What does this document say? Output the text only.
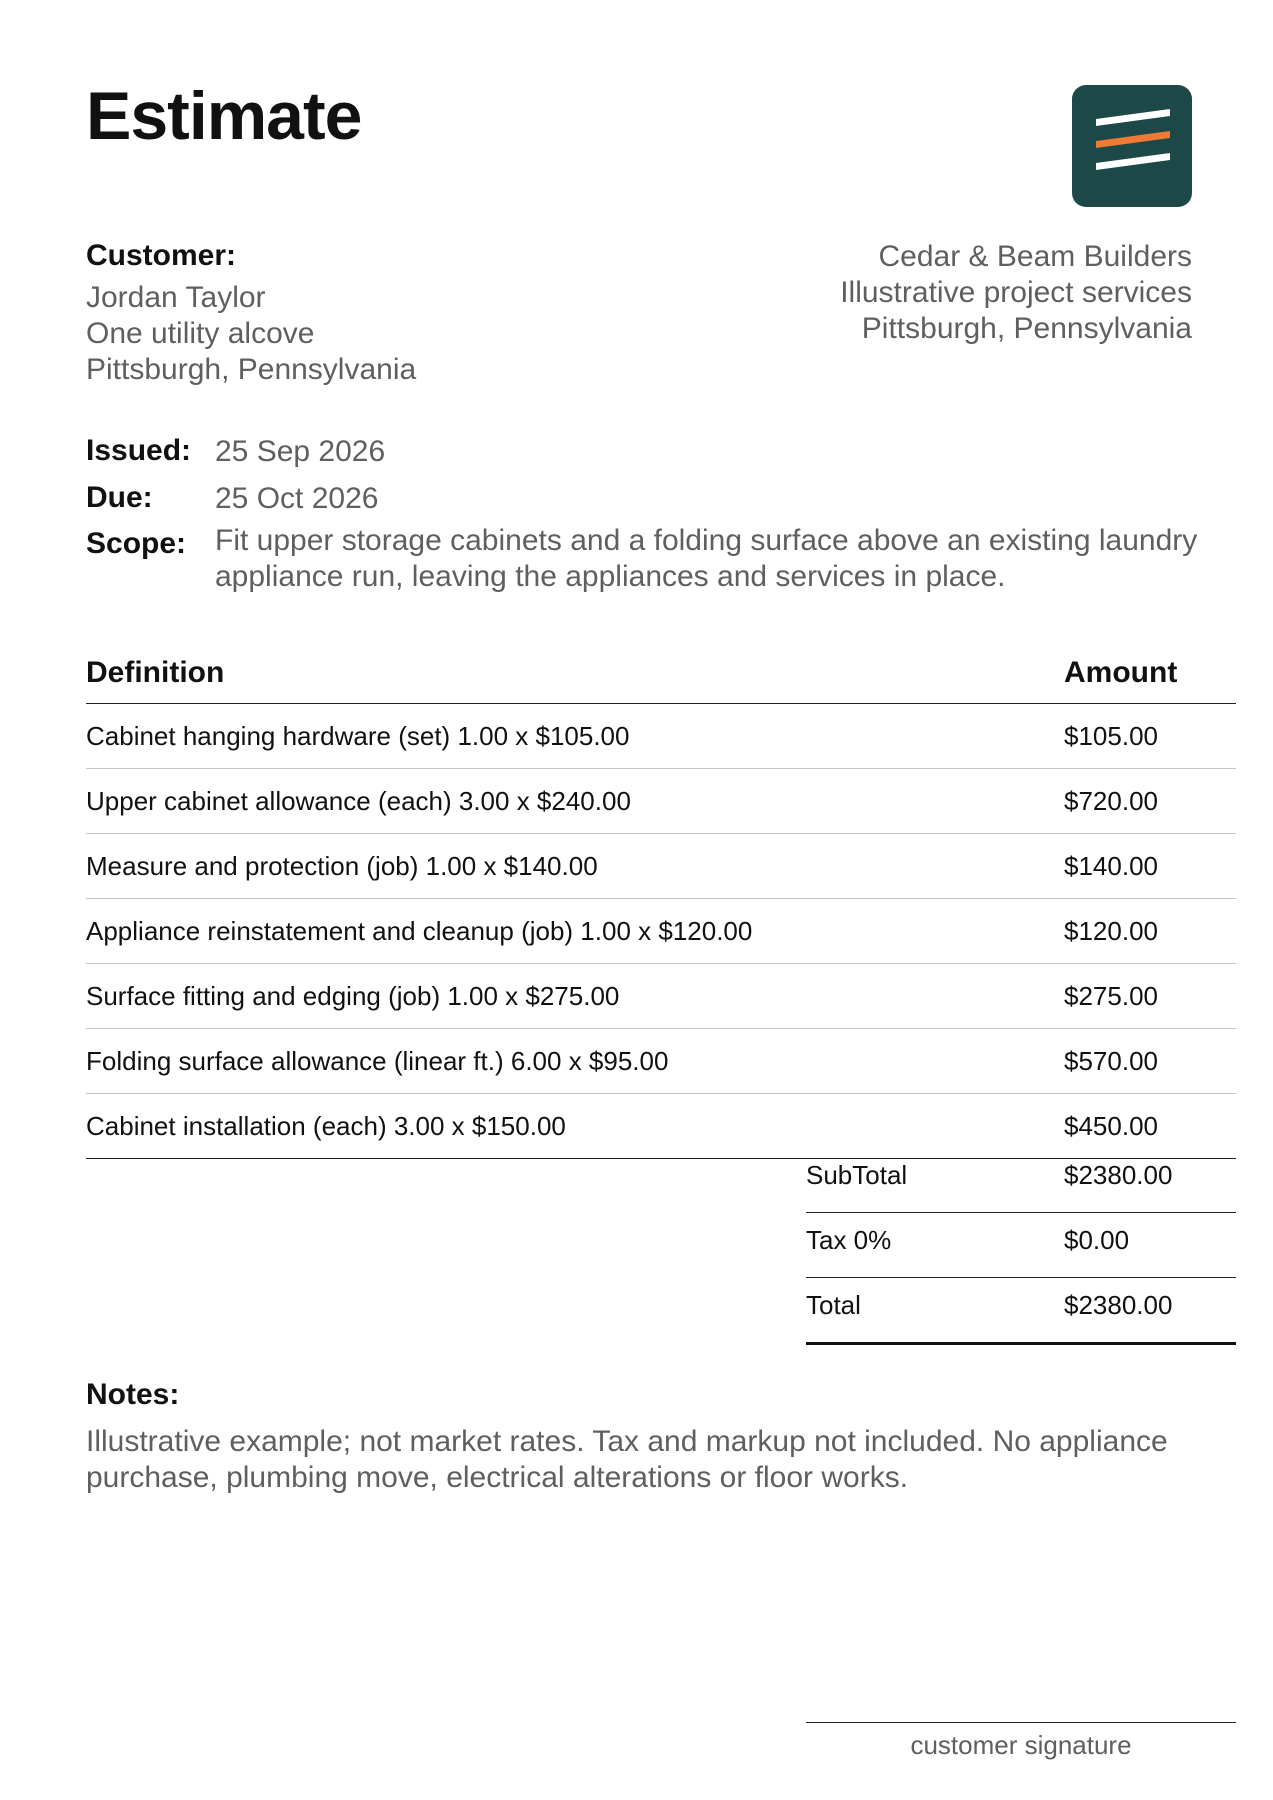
Estimate
Customer:
Jordan Taylor
One utility alcove
Pittsburgh, Pennsylvania
Cedar & Beam Builders
Illustrative project services
Pittsburgh, Pennsylvania
Issued: 25 Sep 2026
Due:	25 Oct 2026
Scope: Fit upper storage cabinets and a folding surface above an existing laundry appliance run, leaving the appliances and services in place.
Definition	Amount
Cabinet hanging hardware (set) 1.00 x $105.00	$105.00
Upper cabinet allowance (each) 3.00 x $240.00	$720.00
Measure and protection (job) 1.00 x $140.00	$140.00
Appliance reinstatement and cleanup (job) 1.00 x $120.00	$120.00
Surface fitting and edging (job) 1.00 x $275.00	$275.00
Folding surface allowance (linear ft.) 6.00 x $95.00	$570.00
Cabinet installation (each) 3.00 x $150.00	$450.00
SubTotal	$2380.00
Tax 0%	$0.00
Total	$2380.00
Notes:
Illustrative example; not market rates. Tax and markup not included. No appliance purchase, plumbing move, electrical alterations or floor works.
customer signature
